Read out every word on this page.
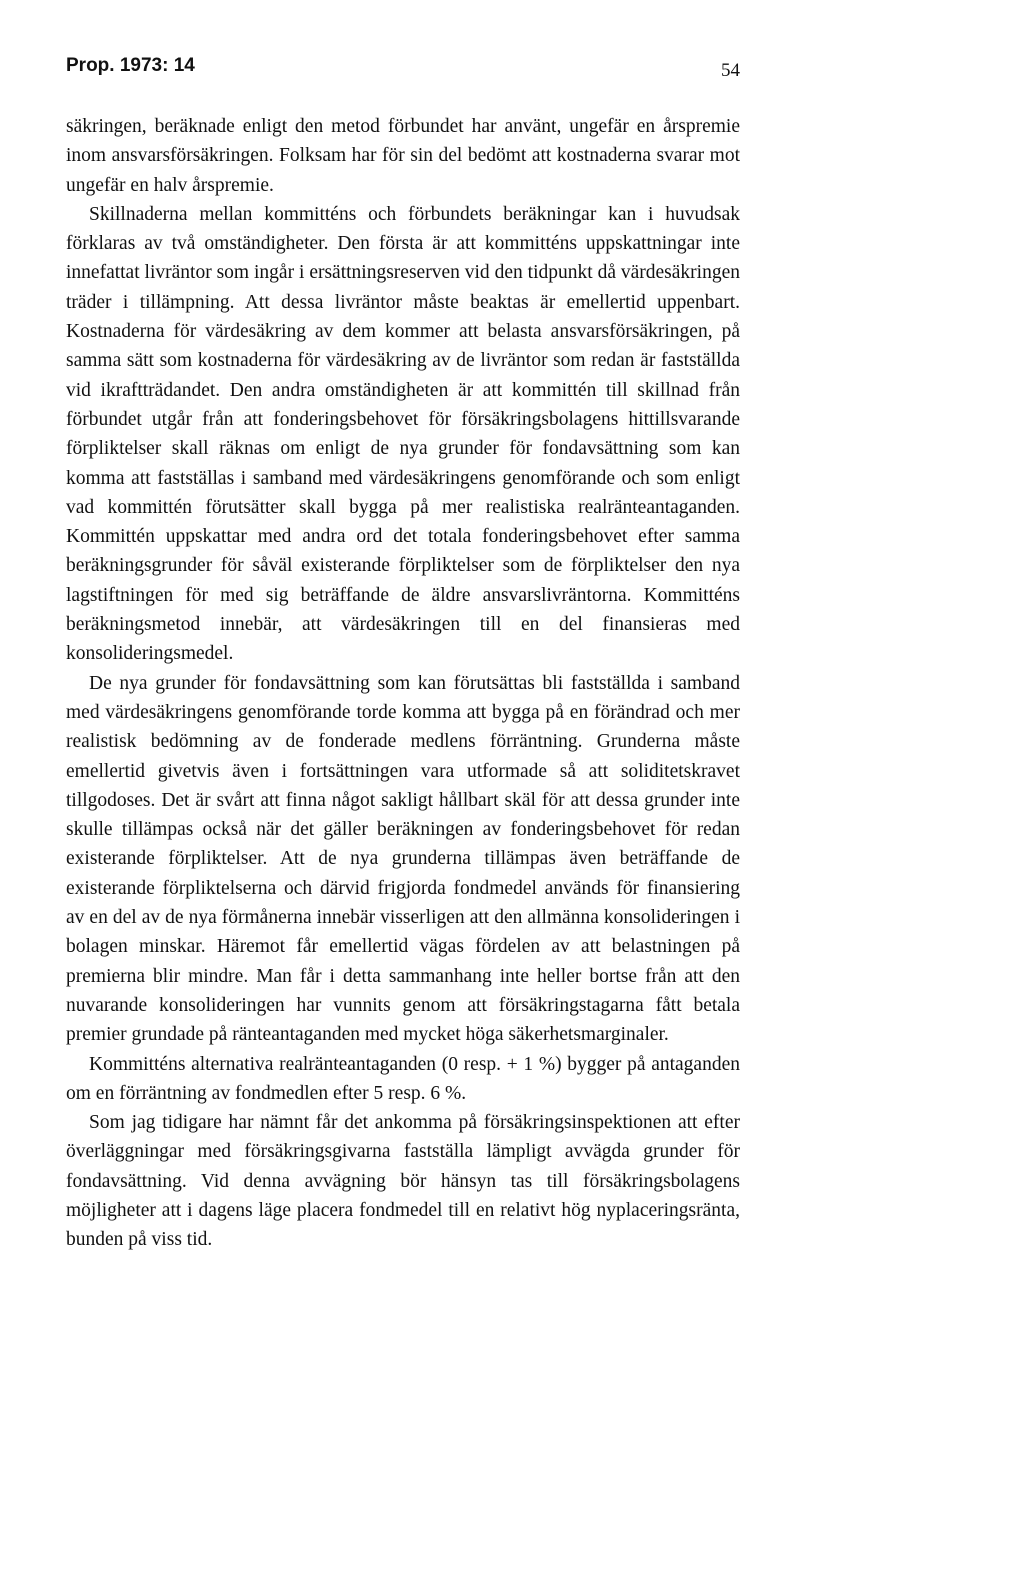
Prop. 1973: 14	54

säkringen, beräknade enligt den metod förbundet har använt, ungefär en årspremie inom ansvarsförsäkringen. Folksam har för sin del bedömt att kostnaderna svarar mot ungefär en halv årspremie.

Skillnaderna mellan kommitténs och förbundets beräkningar kan i huvudsak förklaras av två omständigheter. Den första är att kommitténs uppskattningar inte innefattat livräntor som ingår i ersättningsreserven vid den tidpunkt då värdesäkringen träder i tillämpning. Att dessa livräntor måste beaktas är emellertid uppenbart. Kostnaderna för värdesäkring av dem kommer att belasta ansvarsförsäkringen, på samma sätt som kostnaderna för värdesäkring av de livräntor som redan är fastställda vid ikraftträdandet. Den andra omständigheten är att kommittén till skillnad från förbundet utgår från att fonderingsbehovet för försäkringsbolagens hittillsvarande förpliktelser skall räknas om enligt de nya grunder för fondavsättning som kan komma att fastställas i samband med värdesäkringens genomförande och som enligt vad kommittén förutsätter skall bygga på mer realistiska realränteantaganden. Kommittén uppskattar med andra ord det totala fonderingsbehovet efter samma beräkningsgrunder för såväl existerande förpliktelser som de förpliktelser den nya lagstiftningen för med sig beträffande de äldre ansvarslivräntorna. Kommitténs beräkningsmetod innebär, att värdesäkringen till en del finansieras med konsolideringsmedel.

De nya grunder för fondavsättning som kan förutsättas bli fastställda i samband med värdesäkringens genomförande torde komma att bygga på en förändrad och mer realistisk bedömning av de fonderade medlens förräntning. Grunderna måste emellertid givetvis även i fortsättningen vara utformade så att soliditetskravet tillgodoses. Det är svårt att finna något sakligt hållbart skäl för att dessa grunder inte skulle tillämpas också när det gäller beräkningen av fonderingsbehovet för redan existerande förpliktelser. Att de nya grunderna tillämpas även beträffande de existerande förpliktelserna och därvid frigjorda fondmedel används för finansiering av en del av de nya förmånerna innebär visserligen att den allmänna konsolideringen i bolagen minskar. Häremot får emellertid vägas fördelen av att belastningen på premierna blir mindre. Man får i detta sammanhang inte heller bortse från att den nuvarande konsolideringen har vunnits genom att försäkringstagarna fått betala premier grundade på ränteantaganden med mycket höga säkerhetsmarginaler.

Kommitténs alternativa realränteantaganden (0 resp. + 1 %) bygger på antaganden om en förräntning av fondmedlen efter 5 resp. 6 %.

Som jag tidigare har nämnt får det ankomma på försäkringsinspektionen att efter överläggningar med försäkringsgivarna fastställa lämpligt avvägda grunder för fondavsättning. Vid denna avvägning bör hänsyn tas till försäkringsbolagens möjligheter att i dagens läge placera fondmedel till en relativt hög nyplaceringsränta, bunden på viss tid.
